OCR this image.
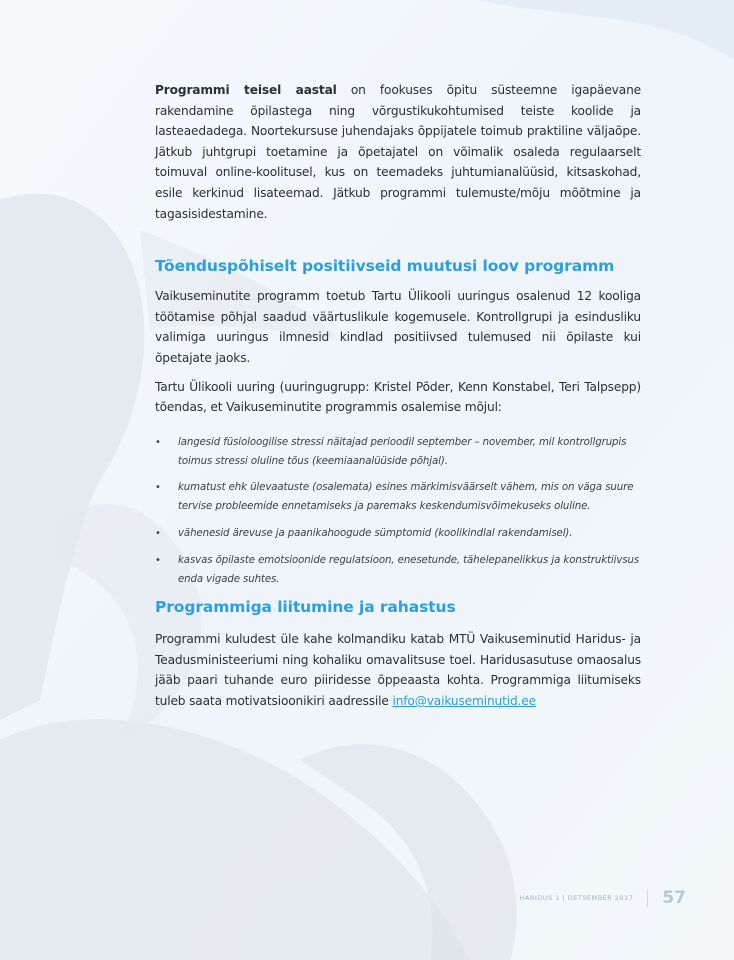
Programmi teisel aastal on fookuses õpitu süsteemne igapäevane rakendamine õpilastega ning võrgustikukohtumised teiste koolide ja lasteaedadega. Noortekursuse juhendajaks õppijatele toimub praktiline väljaõpe. Jätkub juhtgrupi toetamine ja õpetajatel on võimalik osaleda regulaarselt toimuval online-koolitusel, kus on teemadeks juhtumianalüüsid, kitsaskohad, esile kerkinud lisateemad. Jätkub programmi tulemuste/mõju mõõtmine ja tagasisidestamine.

Tõenduspõhiselt positiivseid muutusi loov programm

Vaikuseminutite programm toetub Tartu Ülikooli uuringus osalenud 12 kooliga töötamise põhjal saadud väärtuslikule kogemusele. Kontrollgrupi ja esindusliku valimiga uuringus ilmnesid kindlad positiivsed tulemused nii õpilaste kui õpetajate jaoks.

Tartu Ülikooli uuring (uuringugrupp: Kristel Põder, Kenn Konstabel, Teri Talpsepp) tõendas, et Vaikuseminutite programmis osalemise mõjul:

• langesid füsioloogilise stressi näitajad perioodil september – november, mil kontrollgrupis toimus stressi oluline tõus (keemiaanalüüside põhjal).
• kumatust ehk ülevaatuste (osalemata) esines märkimisväärselt vähem, mis on väga suure tervise probleemide ennetamiseks ja paremaks keskendumisvõimekuseks oluline.
• vähenesid ärevuse ja paanikahoogude sümptomid (koolikindlal rakendamisel).
• kasvas õpilaste emotsioonide regulatsioon, enesetunde, tähelepanelikkus ja konstruktiivsus enda vigade suhtes.
Programmiga liitumine ja rahastus

Programmi kuludest üle kahe kolmandiku katab MTÜ Vaikuseminutid Haridus- ja Teadusministeeriumi ning kohaliku omavalitsuse toel. Haridusasutuse omaosalus jääb paari tuhande euro piiridesse õppeaasta kohta. Programmiga liitumiseks tuleb saata motivatsioonikiri aadressile info@vaikuseminutid.ee

HARIDUS 1 | DETSEMBER 2017 57
